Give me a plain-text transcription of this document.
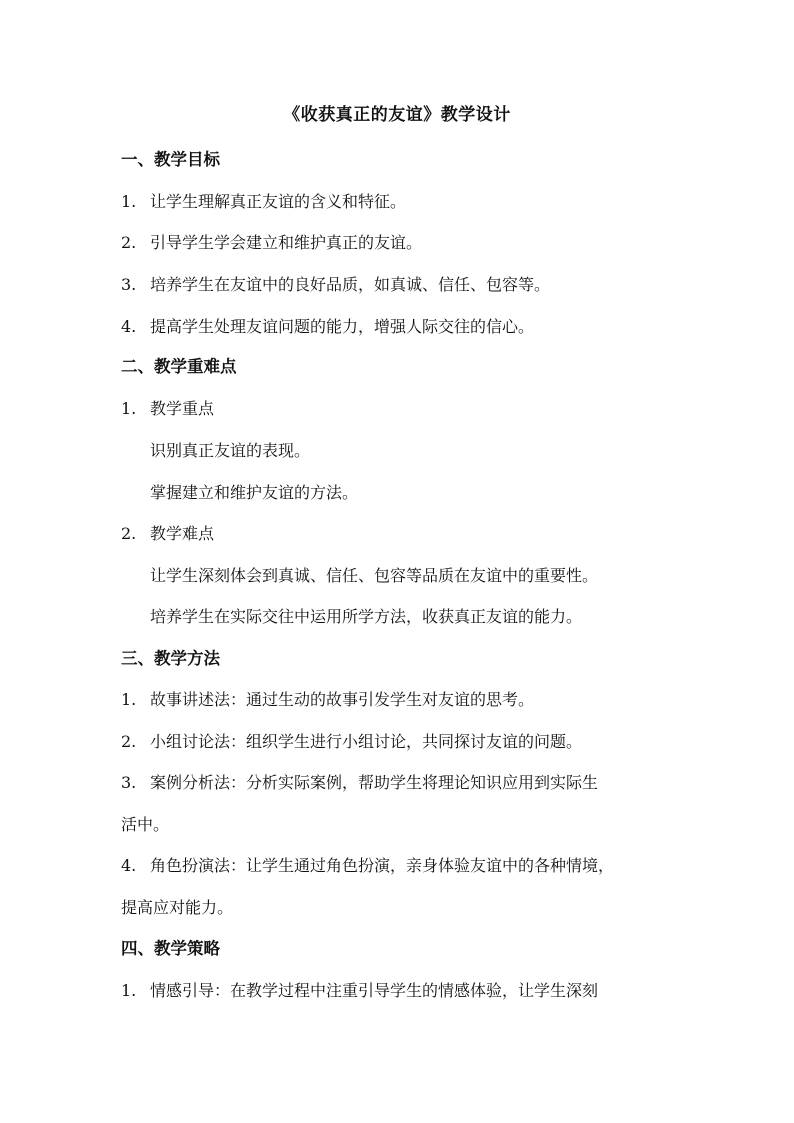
《收获真正的友谊》教学设计
一、教学目标
1. 让学生理解真正友谊的含义和特征。
2. 引导学生学会建立和维护真正的友谊。
3. 培养学生在友谊中的良好品质，如真诚、信任、包容等。
4. 提高学生处理友谊问题的能力，增强人际交往的信心。
二、教学重难点
1. 教学重点
识别真正友谊的表现。
掌握建立和维护友谊的方法。
2. 教学难点
让学生深刻体会到真诚、信任、包容等品质在友谊中的重要性。
培养学生在实际交往中运用所学方法，收获真正友谊的能力。
三、教学方法
1. 故事讲述法：通过生动的故事引发学生对友谊的思考。
2. 小组讨论法：组织学生进行小组讨论，共同探讨友谊的问题。
3. 案例分析法：分析实际案例，帮助学生将理论知识应用到实际生
活中。
4. 角色扮演法：让学生通过角色扮演，亲身体验友谊中的各种情境，
提高应对能力。
四、教学策略
1. 情感引导：在教学过程中注重引导学生的情感体验，让学生深刻
